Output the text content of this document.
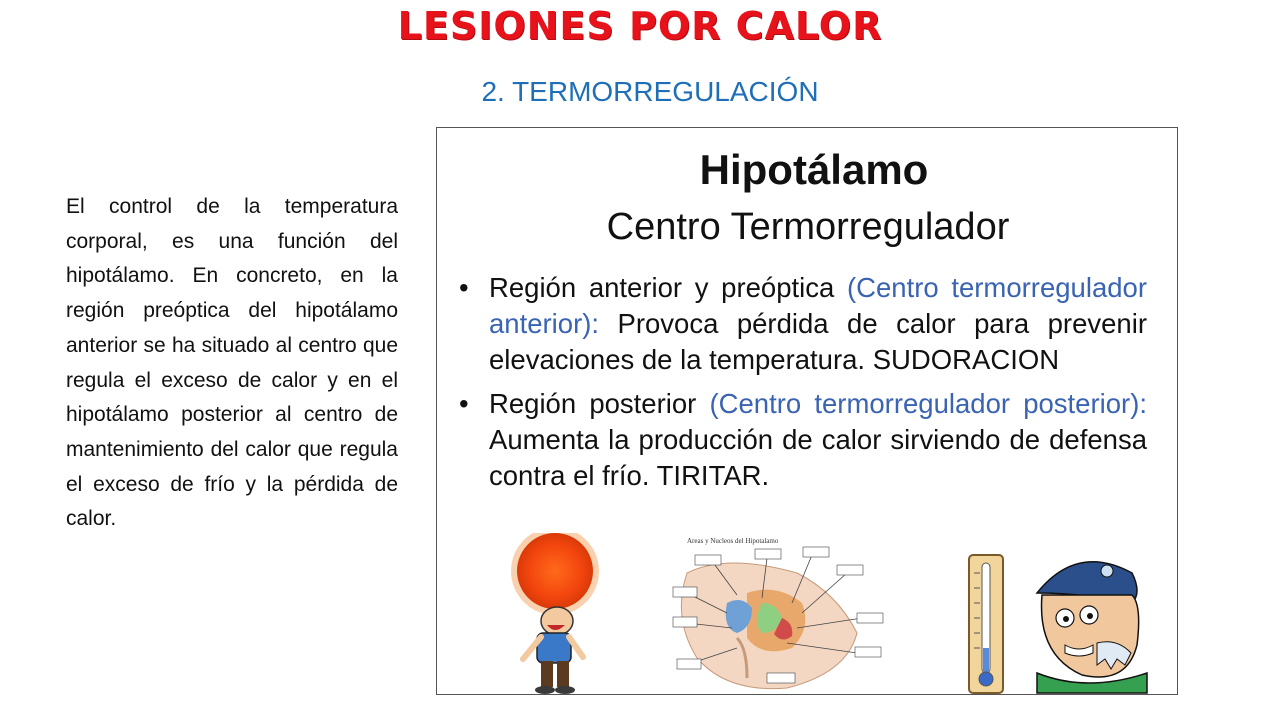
LESIONES POR CALOR
2. TERMORREGULACIÓN
El control de la temperatura corporal, es una función del hipotálamo. En concreto, en la región preóptica del hipotálamo anterior se ha situado al centro que regula el exceso de calor y en el hipotálamo posterior al centro de mantenimiento del calor que regula el exceso de frío y la pérdida de calor.
Hipotálamo
Centro Termorregulador
• Región anterior y preóptica (Centro termorregulador anterior): Provoca pérdida de calor para prevenir elevaciones de la temperatura. SUDORACION
• Región posterior (Centro termorregulador posterior): Aumenta la producción de calor sirviendo de defensa contra el frío. TIRITAR.
Areas y Nucleos del Hipotalamo
